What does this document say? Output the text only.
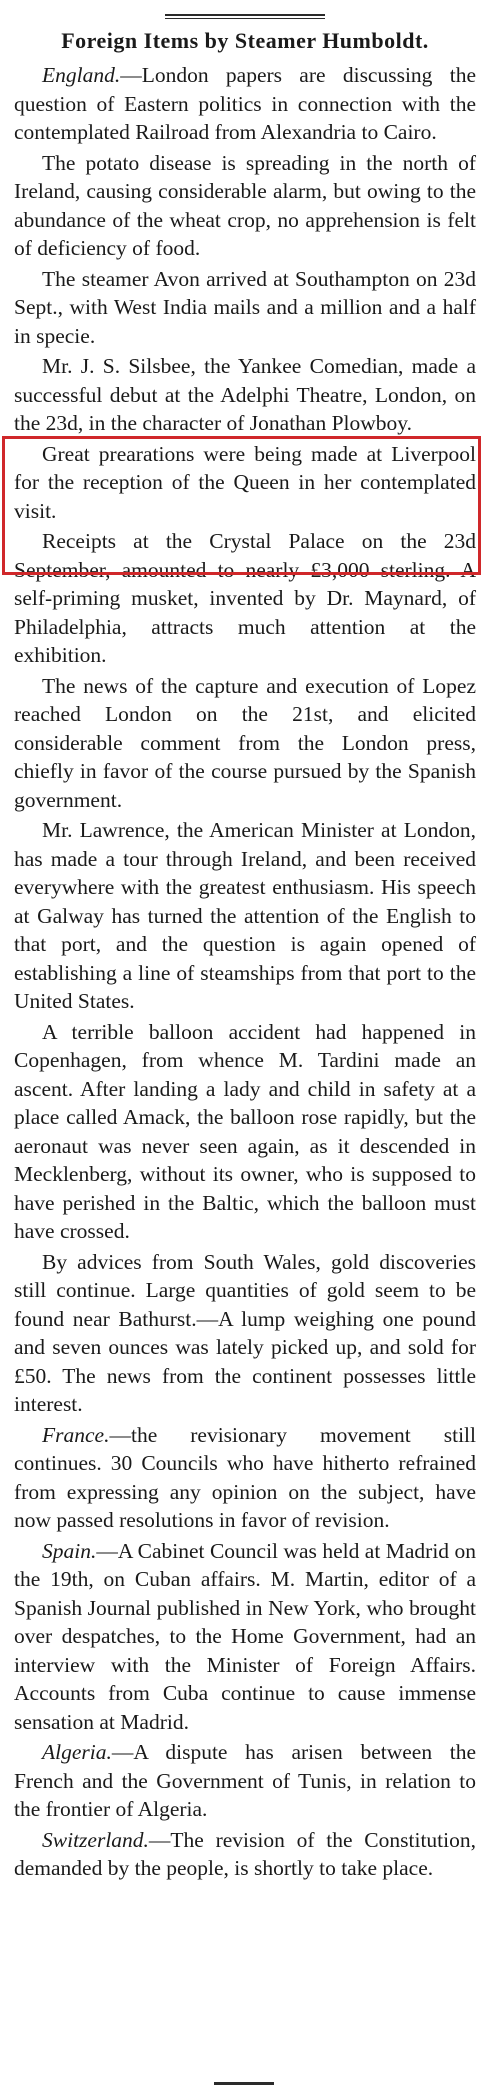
Foreign Items by Steamer Humboldt.

England.—London papers are discussing the question of Eastern politics in connection with the contemplated Railroad from Alexandria to Cairo.

The potato disease is spreading in the north of Ireland, causing considerable alarm, but owing to the abundance of the wheat crop, no apprehension is felt of deficiency of food.

The steamer Avon arrived at Southampton on 23d Sept., with West India mails and a million and a half in specie.

Mr. J. S. Silsbee, the Yankee Comedian, made a successful debut at the Adelphi Theatre, London, on the 23d, in the character of Jonathan Plowboy.

Great prearations were being made at Liverpool for the reception of the Queen in her contemplated visit.

Receipts at the Crystal Palace on the 23d September, amounted to nearly £3,000 sterling. A self-priming musket, invented by Dr. Maynard, of Philadelphia, attracts much attention at the exhibition.

The news of the capture and execution of Lopez reached London on the 21st, and elicited considerable comment from the London press, chiefly in favor of the course pursued by the Spanish government.

Mr. Lawrence, the American Minister at London, has made a tour through Ireland, and been received everywhere with the greatest enthusiasm. His speech at Galway has turned the attention of the English to that port, and the question is again opened of establishing a line of steamships from that port to the United States.

A terrible balloon accident had happened in Copenhagen, from whence M. Tardini made an ascent. After landing a lady and child in safety at a place called Amack, the balloon rose rapidly, but the aeronaut was never seen again, as it descended in Mecklenberg, without its owner, who is supposed to have perished in the Baltic, which the balloon must have crossed.

By advices from South Wales, gold discoveries still continue. Large quantities of gold seem to be found near Bathurst.—A lump weighing one pound and seven ounces was lately picked up, and sold for £50. The news from the continent possesses little interest.

France.—the revisionary movement still continues. 30 Councils who have hitherto refrained from expressing any opinion on the subject, have now passed resolutions in favor of revision.

Spain.—A Cabinet Council was held at Madrid on the 19th, on Cuban affairs. M. Martin, editor of a Spanish Journal published in New York, who brought over despatches, to the Home Government, had an interview with the Minister of Foreign Affairs. Accounts from Cuba continue to cause immense sensation at Madrid.

Algeria.—A dispute has arisen between the French and the Government of Tunis, in relation to the frontier of Algeria.

Switzerland.—The revision of the Constitution, demanded by the people, is shortly to take place.
